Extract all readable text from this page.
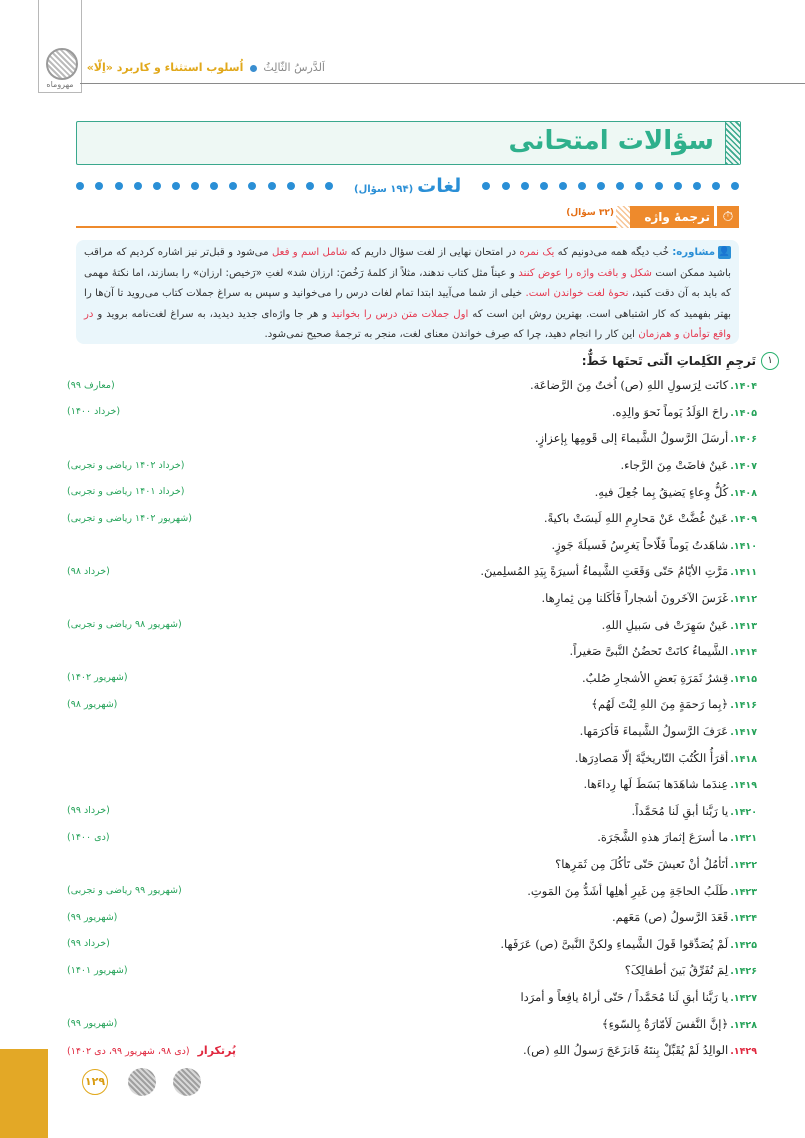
مهروماه
اَلدَّرسُ الثّالِثُ  اُسلوب استثناء و کاربرد «اِلّا»
سؤالات امتحانی
لغات
(۱۹۴ سؤال)
⏱
ترجمهٔ واژه
(۳۲ سؤال)
👤مشاوره: خُب دیگه همه می‌دونیم که یک نمره در امتحان نهایی از لغت سؤال داریم که شامل اسم و فعل می‌شود و قبل‌تر نیز اشاره کردیم که مراقب باشید ممکن است شکل و بافت واژه را عوض کنند و عیناً مثل کتاب ندهند، مثلاً از کلمهٔ رَخُصَ: ارزان شد» لغتِ «رَخیص: ارزان» را بسازند، اما نکتهٔ مهمی که باید به آن دقت کنید، نحوهٔ لغت خواندن است. خیلی از شما می‌آیید ابتدا تمام لغات درس را می‌خوانید و سپس به سراغ جملات کتاب می‌روید تا آن‌ها را بهتر بفهمید که کار اشتباهی است. بهترین روش این است که اول جملات متن درس را بخوانید و هر جا واژه‌ای جدید دیدید، به سراغ لغت‌نامه بروید و در واقع توأمان و هم‌زمان این کار را انجام دهید، چرا که صِرف خواندن معنای لغت، منجر به ترجمهٔ صحیح نمی‌شود.
۱
تَرجِمِ الکَلِماتِ الّتی تَحتَها خَطٌّ:
۱۴۰۴.کانَت لِرَسولِ اللهِ (ص) اُختٌ مِنَ الرَّضاعَة.
(معارف ۹۹)
۱۴۰۵.راحَ الوَلَدُ یَوماً نَحوَ والِدِه.
(خرداد ۱۴۰۰)
۱۴۰۶.أرسَلَ الرَّسولُ الشَّیماءَ إلی قَومِها بِإعزازٍ.
۱۴۰۷.عَینٌ فاضَتْ مِنَ الرَّجاء.
(خرداد ۱۴۰۲ ریاضی و تجربی)
۱۴۰۸.کُلُّ وِعاءٍ یَضیقُ بِما جُعِلَ فیهِ.
(خرداد ۱۴۰۱ ریاضی و تجربی)
۱۴۰۹.عَینٌ غُضَّتْ عَنْ مَحارِمِ اللهِ لَیسَتْ باکیةً.
(شهریور ۱۴۰۲ ریاضی و تجربی)
۱۴۱۰.شاهَدتُ یَوماً فَلّاحاً یَغرِسُ فَسیلَةَ جَوزٍ.
۱۴۱۱.مَرَّتِ الأیّامُ حَتّی وَقَعَتِ الشَّیماءُ أسیرَةً بِیَدِ المُسلِمینَ.
(خرداد ۹۸)
۱۴۱۲.غَرَسَ الآخَرونَ أشجاراً فَأکَلنا مِن ثِمارِها.
۱۴۱۳.عَینٌ سَهِرَتْ فی سَبیلِ اللهِ.
(شهریور ۹۸ ریاضی و تجربی)
۱۴۱۴.الشَّیماءُ کانَتْ تَحضُنُ النَّبیَّ صَغیراً.
۱۴۱۵.قِشرُ ثَمَرَةِ بَعضِ الأشجارِ صُلبٌ.
(شهریور ۱۴۰۲)
۱۴۱۶.﴿بِما رَحمَةٍ مِنَ اللهِ لِنْتَ لَهُم﴾
(شهریور ۹۸)
۱۴۱۷.عَرَفَ الرَّسولُ الشَّیماءَ فَأکرَمَها.
۱۴۱۸.أقرَأُ الکُتُبَ التّاریخیَّةَ إلّا مَصادِرَها.
۱۴۱۹.عِندَما شاهَدَها بَسَطَ لَها رِداءَها.
۱۴۲۰.یا رَبَّنا أبقِ لَنا مُحَمَّداً.
(خرداد ۹۹)
۱۴۲۱.ما أسرَعَ إثمارَ هذهِ الشَّجَرَة.
(دی ۱۴۰۰)
۱۴۲۲.أتَأمُلُ أنْ تَعیشَ حَتّی تَأکُلَ مِن ثَمَرِها؟
۱۴۲۳.طَلَبُ الحاجَةِ مِن غَیرِ أهلِها أشَدُّ مِنَ المَوتِ.
(شهریور ۹۹ ریاضی و تجربی)
۱۴۲۴.قَعَدَ الرَّسولُ (ص) مَعَهم.
(شهریور ۹۹)
۱۴۲۵.لَمْ یُصَدِّقوا قَولَ الشَّیماءِ ولکنَّ النَّبیَّ (ص) عَرَفَها.
(خرداد ۹۹)
۱۴۲۶.لِمَ تُفَرِّقُ بَینَ أطفالِکَ؟
(شهریور ۱۴۰۱)
۱۴۲۷.یا رَبَّنا أبقِ لَنا مُحَمَّداً / حَتّی أراهُ یافِعاً و أمرَدا
۱۴۲۸.﴿إنَّ النَّفسَ لَأمّارَةٌ بِالسّوءِ﴾
(شهریور ۹۹)
۱۴۲۹.الوالِدُ لَمْ یُقَبِّلْ بِنتَهُ فَانزَعَجَ رَسولُ اللهِ (ص).
پُرتکرار
(دی ۹۸، شهریور ۹۹، دی ۱۴۰۲)
۱۲۹
